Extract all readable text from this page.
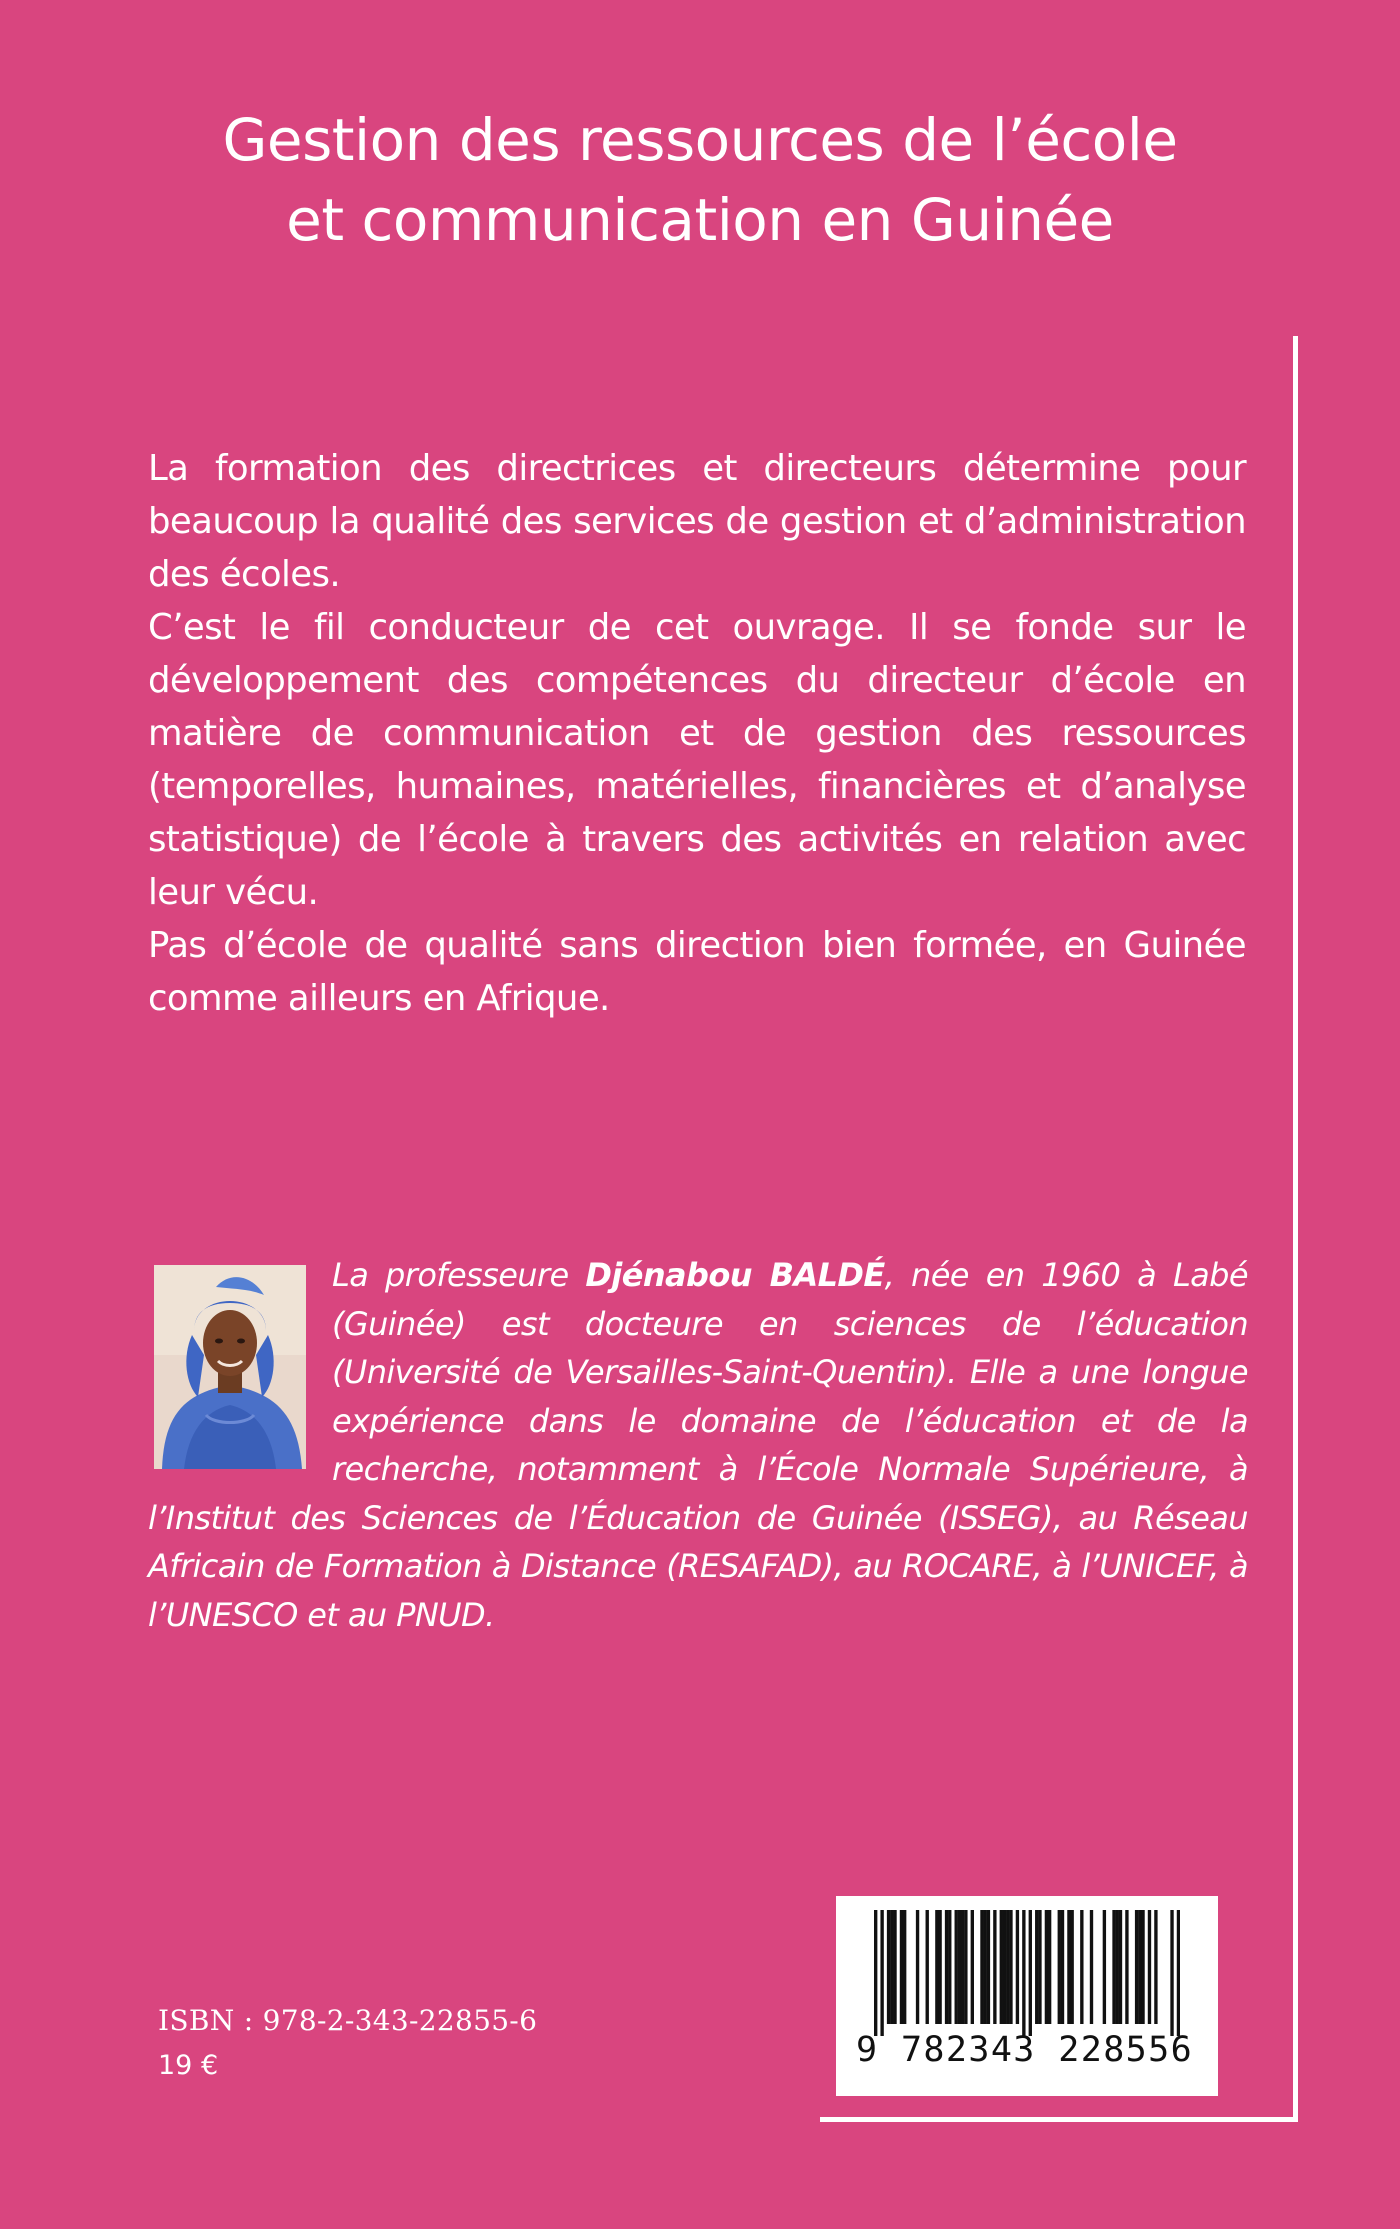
Gestion des ressources de l’école
et communication en Guinée

La formation des directrices et directeurs détermine pour beaucoup la qualité des services de gestion et d’administration des écoles.

C’est le fil conducteur de cet ouvrage. Il se fonde sur le développement des compétences du directeur d’école en matière de communication et de gestion des ressources (temporelles, humaines, matérielles, financières et d’analyse statistique) de l’école à travers des activités en relation avec leur vécu.

Pas d’école de qualité sans direction bien formée, en Guinée comme ailleurs en Afrique.

La professeure Djénabou BALDÉ, née en 1960 à Labé (Guinée) est docteure en sciences de l’éducation (Université de Versailles-Saint-Quentin). Elle a une longue expérience dans le domaine de l’éducation et de la recherche, notamment à l’École Normale Supérieure, à l’Institut des Sciences de l’Éducation de Guinée (ISSEG), au Réseau Africain de Formation à Distance (RESAFAD), au ROCARE, à l’UNICEF, à l’UNESCO et au PNUD.
ISBN : 978-2-343-22855-6
19 €	9 782343 228556
